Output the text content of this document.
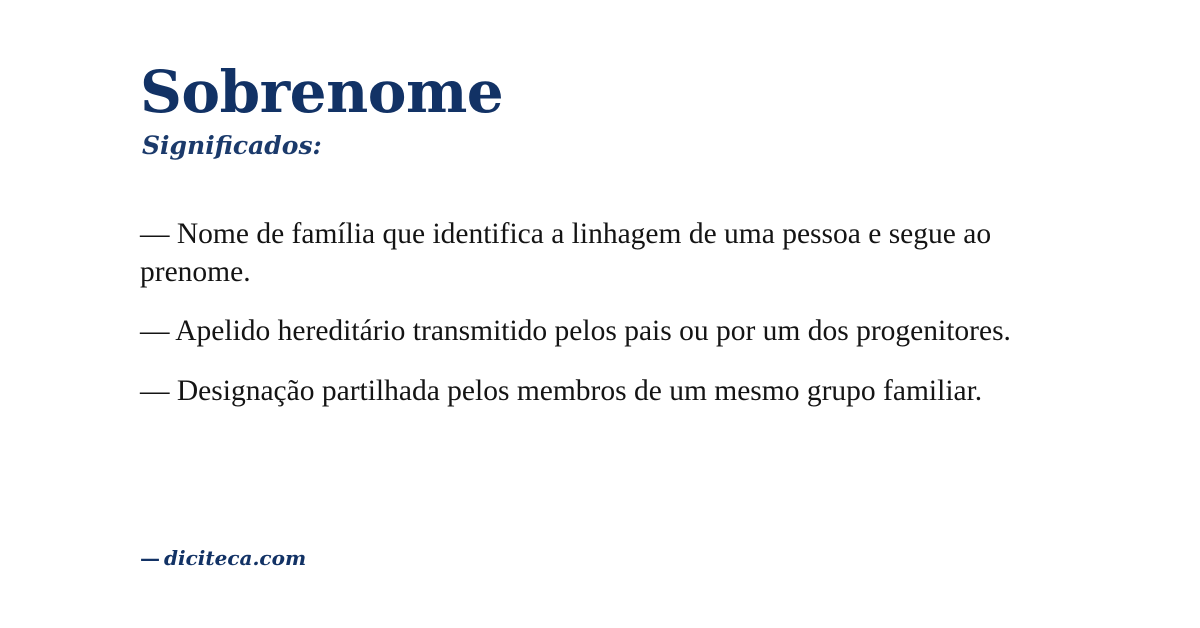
Sobrenome
Significados:

— Nome de família que identifica a linhagem de uma pessoa e segue ao prenome.

— Apelido hereditário transmitido pelos pais ou por um dos progenitores.

— Designação partilhada pelos membros de um mesmo grupo familiar.

— diciteca.com
